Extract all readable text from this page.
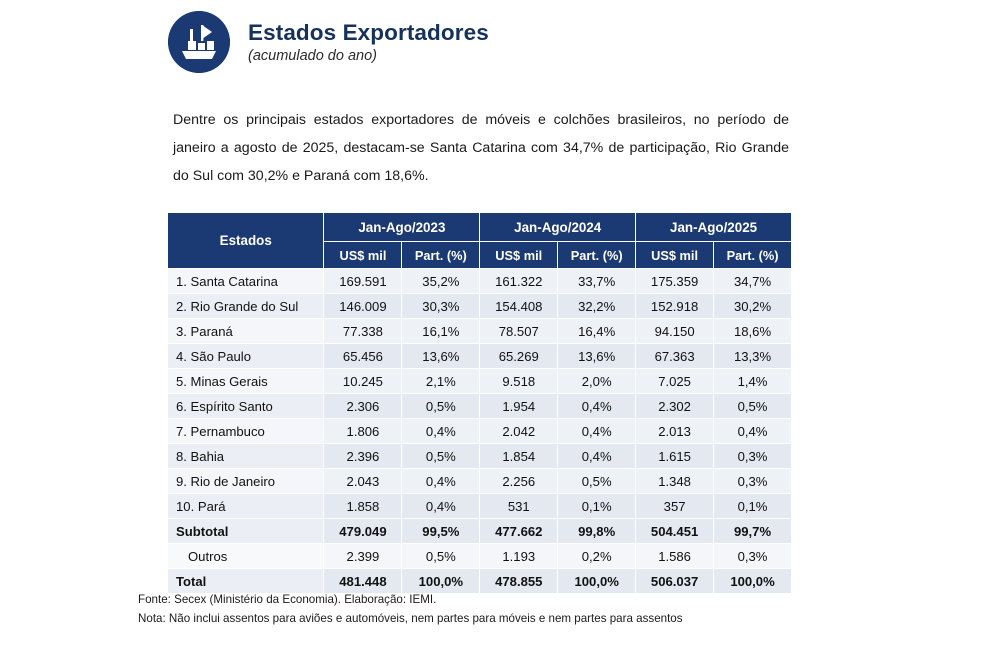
Estados Exportadores
(acumulado do ano)

Dentre os principais estados exportadores de móveis e colchões brasileiros, no período de janeiro a agosto de 2025, destacam-se Santa Catarina com 34,7% de participação, Rio Grande do Sul com 30,2% e Paraná com 18,6%.

Estados	Jan-Ago/2023		Jan-Ago/2024		Jan-Ago/2025	
	US$ mil	Part. (%)	US$ mil	Part. (%)	US$ mil	Part. (%)
1. Santa Catarina	169.591	35,2%	161.322	33,7%	175.359	34,7%
2. Rio Grande do Sul	146.009	30,3%	154.408	32,2%	152.918	30,2%
3. Paraná	77.338	16,1%	78.507	16,4%	94.150	18,6%
4. São Paulo	65.456	13,6%	65.269	13,6%	67.363	13,3%
5. Minas Gerais	10.245	2,1%	9.518	2,0%	7.025	1,4%
6. Espírito Santo	2.306	0,5%	1.954	0,4%	2.302	0,5%
7. Pernambuco	1.806	0,4%	2.042	0,4%	2.013	0,4%
8. Bahia	2.396	0,5%	1.854	0,4%	1.615	0,3%
9. Rio de Janeiro	2.043	0,4%	2.256	0,5%	1.348	0,3%
10. Pará	1.858	0,4%	531	0,1%	357	0,1%
Subtotal	479.049	99,5%	477.662	99,8%	504.451	99,7%
Outros	2.399	0,5%	1.193	0,2%	1.586	0,3%
Total	481.448	100,0%	478.855	100,0%	506.037	100,0%
Fonte: Secex (Ministério da Economia). Elaboração: IEMI.
Nota: Não inclui assentos para aviões e automóveis, nem partes para móveis e nem partes para assentos
